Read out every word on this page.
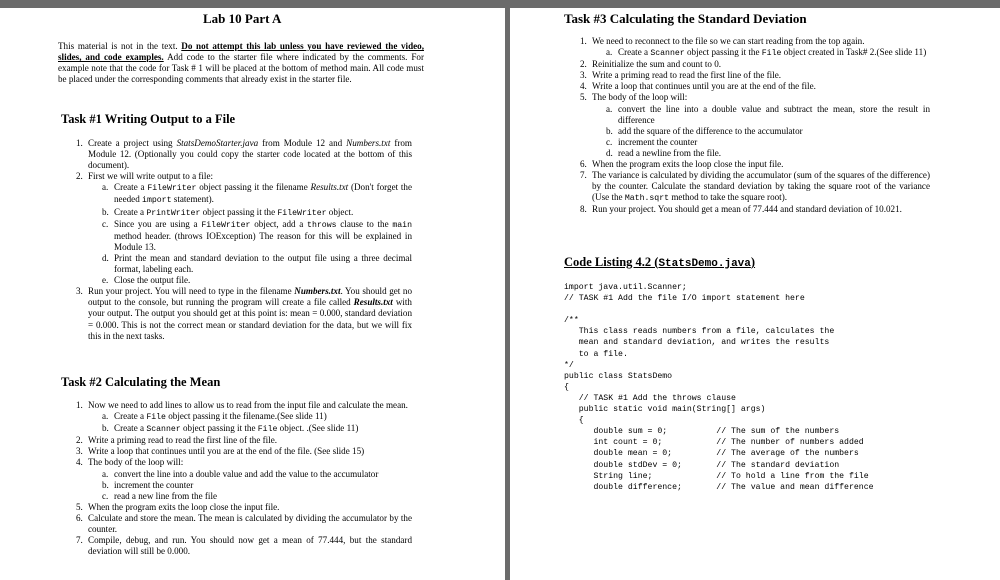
Lab 10 Part A
This material is not in the text. Do not attempt this lab unless you have reviewed the video, slides, and code examples. Add code to the starter file where indicated by the comments. For example note that the code for Task # 1 will be placed at the bottom of method main. All code must be placed under the corresponding comments that already exist in the starter file.
Task #1 Writing Output to a File
1. Create a project using StatsDemoStarter.java from Module 12 and Numbers.txt from Module 12. (Optionally you could copy the starter code located at the bottom of this document).
2. First we will write output to a file:
a. Create a FileWriter object passing it the filename Results.txt (Don't forget the needed import statement).
b. Create a PrintWriter object passing it the FileWriter object.
c. Since you are using a FileWriter object, add a throws clause to the main method header. (throws IOException) The reason for this will be explained in Module 13.
d. Print the mean and standard deviation to the output file using a three decimal format, labeling each.
e. Close the output file.
3. Run your project. You will need to type in the filename Numbers.txt. You should get no output to the console, but running the program will create a file called Results.txt with your output. The output you should get at this point is: mean = 0.000, standard deviation = 0.000. This is not the correct mean or standard deviation for the data, but we will fix this in the next tasks.
Task #2 Calculating the Mean
1. Now we need to add lines to allow us to read from the input file and calculate the mean.
a. Create a File object passing it the filename.(See slide 11)
b. Create a Scanner object passing it the File object. .(See slide 11)
2. Write a priming read to read the first line of the file.
3. Write a loop that continues until you are at the end of the file. (See slide 15)
4. The body of the loop will:
a. convert the line into a double value and add the value to the accumulator
b. increment the counter
c. read a new line from the file
5. When the program exits the loop close the input file.
6. Calculate and store the mean. The mean is calculated by dividing the accumulator by the counter.
7. Compile, debug, and run. You should now get a mean of 77.444, but the standard deviation will still be 0.000.
Task #3 Calculating the Standard Deviation
1. We need to reconnect to the file so we can start reading from the top again.
a. Create a Scanner object passing it the File object created in Task# 2.(See slide 11)
2. Reinitialize the sum and count to 0.
3. Write a priming read to read the first line of the file.
4. Write a loop that continues until you are at the end of the file.
5. The body of the loop will:
a. convert the line into a double value and subtract the mean, store the result in difference
b. add the square of the difference to the accumulator
c. increment the counter
d. read a newline from the file.
6. When the program exits the loop close the input file.
7. The variance is calculated by dividing the accumulator (sum of the squares of the difference) by the counter. Calculate the standard deviation by taking the square root of the variance (Use the Math.sqrt method to take the square root).
8. Run your project. You should get a mean of 77.444 and standard deviation of 10.021.
Code Listing 4.2 (StatsDemo.java)
import java.util.Scanner;
// TASK #1 Add the file I/O import statement here

/**
This class reads numbers from a file, calculates the
mean and standard deviation, and writes the results
to a file.
*/
public class StatsDemo
{
// TASK #1 Add the throws clause
public static void main(String[] args)
{
double sum = 0;          // The sum of the numbers
int count = 0;           // The number of numbers added
double mean = 0;         // The average of the numbers
double stdDev = 0;       // The standard deviation
String line;             // To hold a line from the file
double difference;       // The value and mean difference
